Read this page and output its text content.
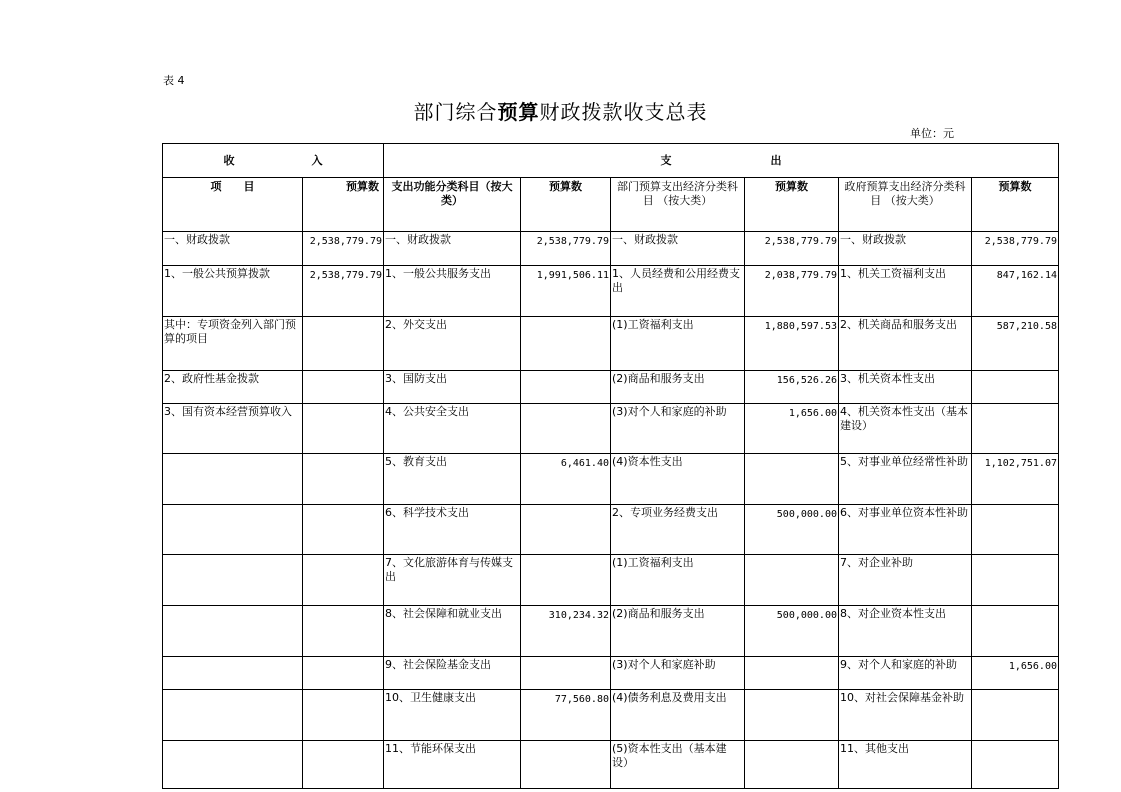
表 4
部门综合预算财政拨款收支总表
单位：元
收　　　　　　　入		支　　　　　　　　　出					
项　　目	预算数	支出功能分类科目（按大类）	预算数	部门预算支出经济分类科目 （按大类）	预算数	政府预算支出经济分类科目 （按大类）	预算数
一、财政拨款	2,538,779.79	一、财政拨款	2,538,779.79	一、财政拨款	2,538,779.79	一、财政拨款	2,538,779.79
1、一般公共预算拨款	2,538,779.79	1、一般公共服务支出	1,991,506.11	1、人员经费和公用经费支出	2,038,779.79	1、机关工资福利支出	847,162.14
其中：专项资金列入部门预算的项目		2、外交支出		(1)工资福利支出	1,880,597.53	2、机关商品和服务支出	587,210.58
2、政府性基金拨款		3、国防支出		(2)商品和服务支出	156,526.26	3、机关资本性支出	
3、国有资本经营预算收入		4、公共安全支出		(3)对个人和家庭的补助	1,656.00	4、机关资本性支出（基本建设）	
		5、教育支出	6,461.40	(4)资本性支出		5、对事业单位经常性补助	1,102,751.07
		6、科学技术支出		2、专项业务经费支出	500,000.00	6、对事业单位资本性补助	
		7、文化旅游体育与传媒支出		(1)工资福利支出		7、对企业补助	
		8、社会保障和就业支出	310,234.32	(2)商品和服务支出	500,000.00	8、对企业资本性支出	
		9、社会保险基金支出		(3)对个人和家庭补助		9、对个人和家庭的补助	1,656.00
		10、卫生健康支出	77,560.80	(4)债务利息及费用支出		10、对社会保障基金补助	
		11、节能环保支出		(5)资本性支出（基本建设）		11、其他支出	
